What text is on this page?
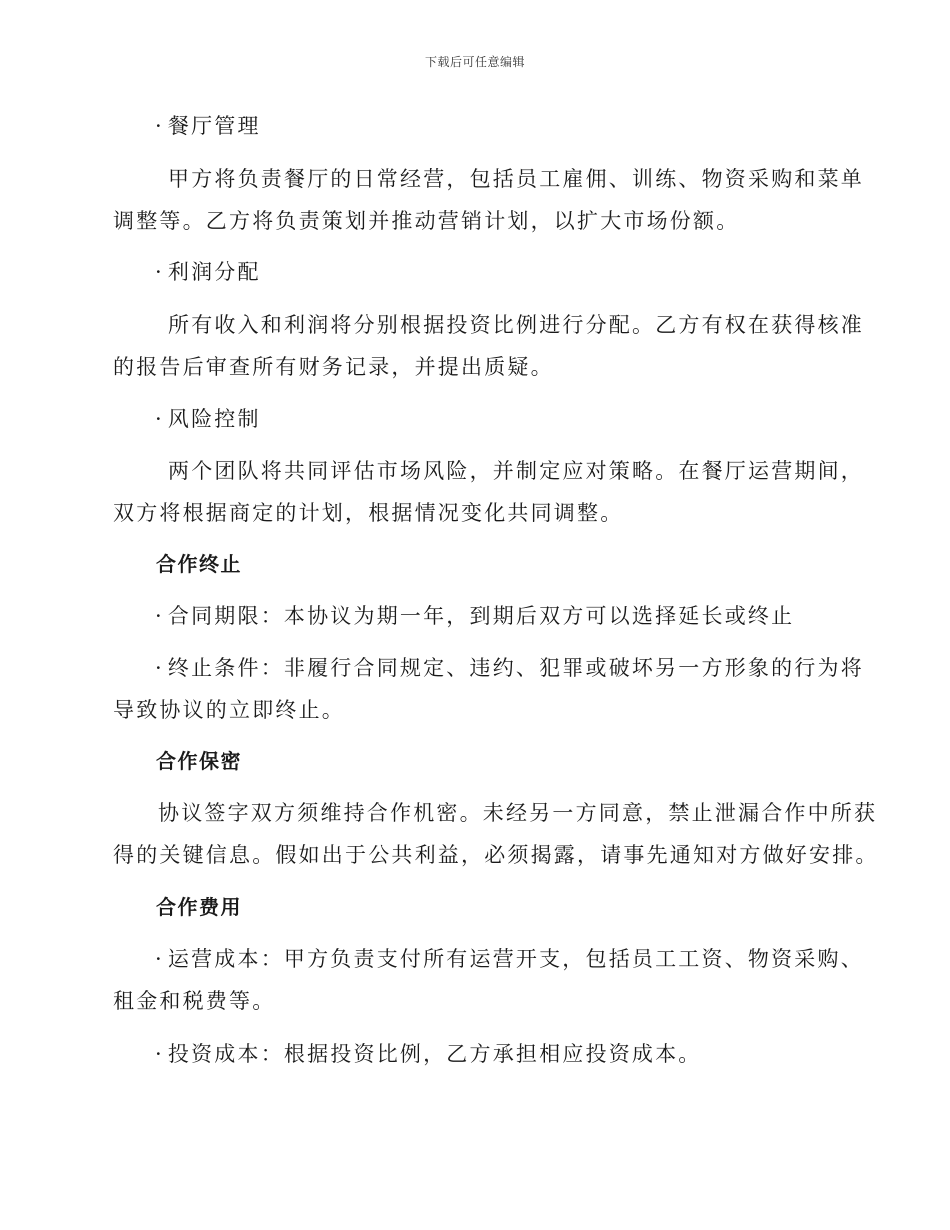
下载后可任意编辑
· 餐厅管理
甲方将负责餐厅的日常经营，包括员工雇佣、训练、物资采购和菜单
调整等。乙方将负责策划并推动营销计划，以扩大市场份额。
· 利润分配
所有收入和利润将分别根据投资比例进行分配。乙方有权在获得核准
的报告后审查所有财务记录，并提出质疑。
· 风险控制
两个团队将共同评估市场风险，并制定应对策略。在餐厅运营期间，
双方将根据商定的计划，根据情况变化共同调整。
合作终止
· 合同期限：本协议为期一年，到期后双方可以选择延长或终止
· 终止条件：非履行合同规定、违约、犯罪或破坏另一方形象的行为将
导致协议的立即终止。
合作保密
协议签字双方须维持合作机密。未经另一方同意，禁止泄漏合作中所获
得的关键信息。假如出于公共利益，必须揭露，请事先通知对方做好安排。
合作费用
· 运营成本：甲方负责支付所有运营开支，包括员工工资、物资采购、
租金和税费等。
· 投资成本：根据投资比例，乙方承担相应投资成本。
